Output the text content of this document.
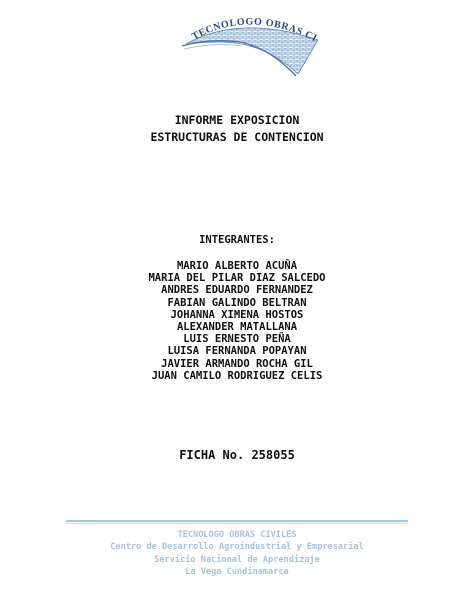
TECNOLOGO OBRAS CI
INFORME EXPOSICION
ESTRUCTURAS DE CONTENCION
INTEGRANTES:
MARIO ALBERTO ACUÑA
MARIA DEL PILAR DIAZ SALCEDO
ANDRES EDUARDO FERNANDEZ
FABIAN GALINDO BELTRAN
JOHANNA XIMENA HOSTOS
ALEXANDER MATALLANA
LUIS ERNESTO PEÑA
LUISA FERNANDA POPAYAN
JAVIER ARMANDO ROCHA GIL
JUAN CAMILO RODRIGUEZ CELIS
FICHA No. 258055
TECNOLOGO OBRAS CIVILES
Centro de Desarrollo Agroindustrial y Empresarial
Servicio Nacional de Aprendizaje
La Vega Cundinamarca
